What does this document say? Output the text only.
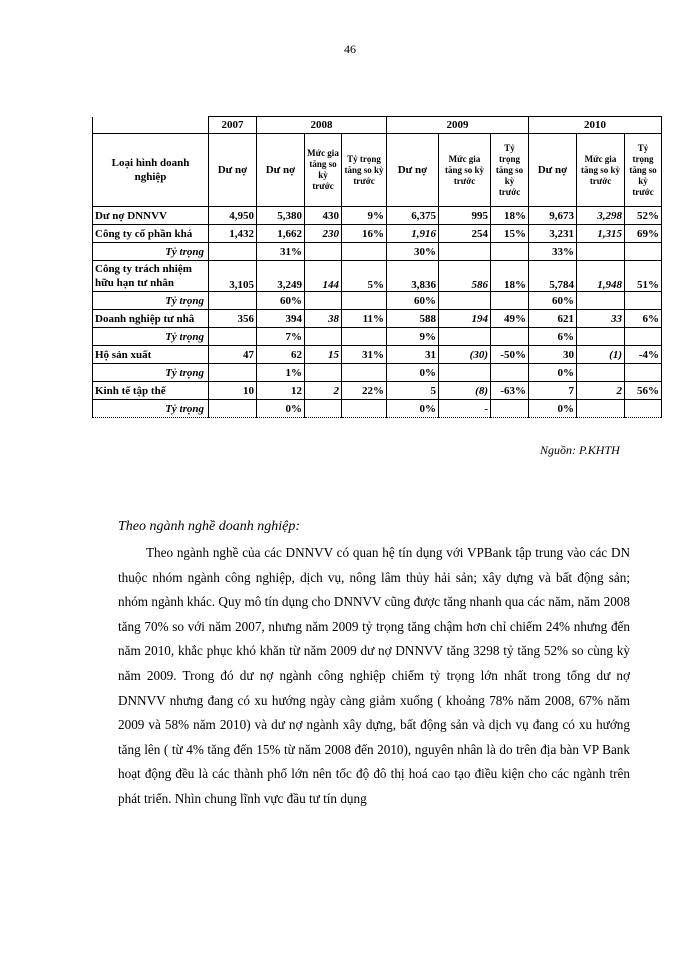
46
	2007	2008			2009			2010		
Loại hình doanh nghiệp	Dư nợ	Dư nợ	Mức gia tăng so kỳ trước	Tỷ trọng tăng so kỳ trước	Dư nợ	Mức gia tăng so kỳ trước	Tỷ trọng tăng so kỳ trước	Dư nợ	Mức gia tăng so kỳ trước	Tỷ trọng tăng so kỳ trước
Dư nợ DNNVV	4,950	5,380	430	9%	6,375	995	18%	9,673	3,298	52%
Công ty cổ phần khá	1,432	1,662	230	16%	1,916	254	15%	3,231	1,315	69%
Tỷ trọng		31%			30%			33%		
Công ty trách nhiệm hữu hạn tư nhân	3,105	3,249	144	5%	3,836	586	18%	5,784	1,948	51%
Tỷ trọng		60%			60%			60%		
Doanh nghiệp tư nhâ	356	394	38	11%	588	194	49%	621	33	6%
Tỷ trọng		7%			9%			6%		
Hộ sản xuất	47	62	15	31%	31	(30)	-50%	30	(1)	-4%
Tỷ trọng		1%			0%			0%		
Kinh tế tập thể	10	12	2	22%	5	(8)	-63%	7	2	56%
Tỷ trọng		0%			0%	-		0%		
Nguồn: P.KHTH
Theo ngành nghề doanh nghiệp:
Theo ngành nghề của các DNNVV có quan hệ tín dụng với VPBank tập trung vào các DN thuộc nhóm ngành công nghiệp, dịch vụ, nông lâm thủy hải sản; xây dựng và bất động sản; nhóm ngành khác. Quy mô tín dụng cho DNNVV cũng được tăng nhanh qua các năm, năm 2008 tăng 70% so với năm 2007, nhưng năm 2009 tỷ trọng tăng chậm hơn chỉ chiếm 24% nhưng đến năm 2010, khắc phục khó khăn từ năm 2009 dư nợ DNNVV tăng 3298 tỷ tăng 52% so cùng kỳ năm 2009. Trong đó dư nợ ngành công nghiệp chiếm tỷ trọng lớn nhất trong tổng dư nợ DNNVV nhưng đang có xu hướng ngày càng giảm xuống ( khoảng 78% năm 2008, 67% năm 2009 và 58% năm 2010) và dư nợ ngành xây dựng, bất động sản và dịch vụ đang có xu hướng tăng lên ( từ 4% tăng đến 15% từ năm 2008 đến 2010), nguyên nhân là do trên địa bàn VP Bank hoạt động đều là các thành phố lớn nên tốc độ đô thị hoá cao tạo điều kiện cho các ngành trên phát triển. Nhìn chung lĩnh vực đầu tư tín dụng
